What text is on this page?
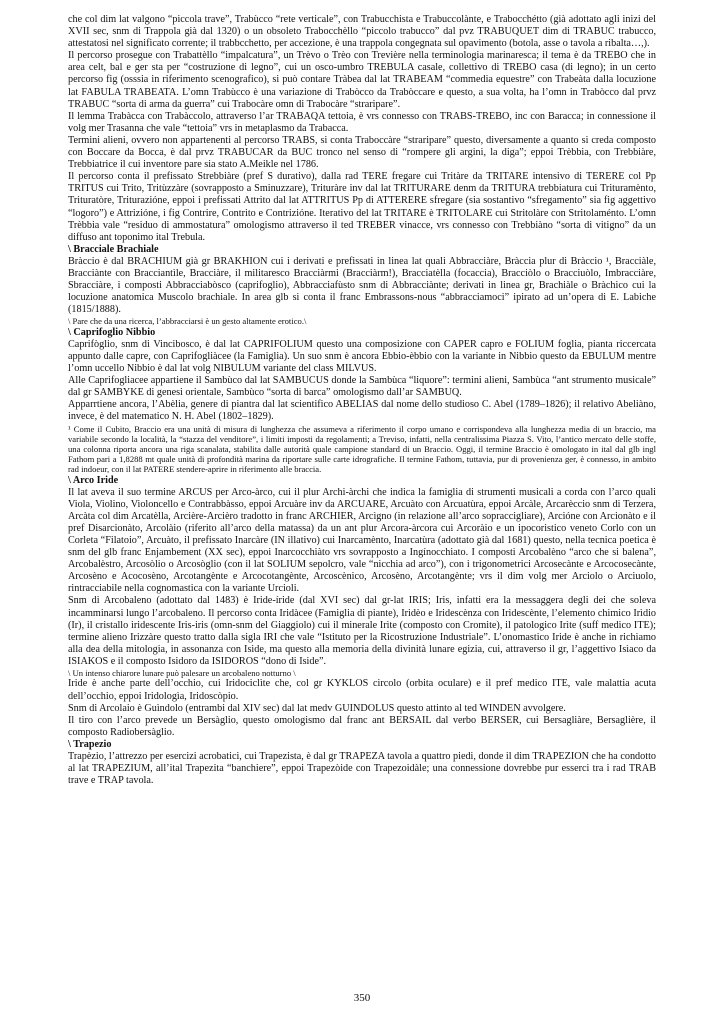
che col dim lat valgono “piccola trave”, Trabùcco “rete verticale”, con Trabucchista e Trabuccolànte, e Trabocchétto (già adottato agli inizi del XVII sec, snm di Trappola già dal 1320) o un obsoleto Trabocchèllo “piccolo trabucco” dal pvz TRABUQUET dim di TRABUC trabucco, attestatosi nel significato corrente; il trabbcchetto, per accezione, è una trappola congegnata sul opavimento (botola, asse o tavola a ribalta…,).

Il percorso prosegue con Trabattèllo “impalcatura”, un Trèvo o Trèo con Trevière nella terminologia marinaresca; il tema è da TREBO che in area celt, bal e ger sta per “costruzione di legno”, cui un osco-umbro TREBULA casale, collettivo di TREBO casa (di legno); in un certo percorso fig (osssia in riferimento scenografico), si può contare Tràbea dal lat TRABEAM “commedia equestre” con Trabeàta dalla locuzione lat FABULA TRABEATA. L’omn Trabùcco è una variazione di Trabòcco da Trabòccare e questo, a sua volta, ha l’omn in Trabòcco dal prvz TRABUC “sorta di arma da guerra” cui Trabocàre omn di Trabocàre “straripare”.

Il lemma Trabàcca con Trabàccolo, attraverso l’ar TRABAQA tettoia, è vrs connesso con TRABS-TREBO, inc con Baracca; in connessione il volg mer Trasanna che vale “tettoia” vrs in metaplasmo da Trabacca.

Termini alieni, ovvero non appartenenti al percorso TRABS, si conta Traboccàre “straripare” questo, diversamente a quanto si creda composto con Boccare da Bocca, è dal prvz TRABUCAR da BUC tronco nel senso di “rompere gli argini, la diga”; eppoi Trèbbia, con Trebbiàre, Trebbiatrice il cui inventore pare sia stato A.Meikle nel 1786.

Il percorso conta il prefissato Strebbiàre (pref S durativo), dalla rad TERE fregare cui Tritàre da TRITARE intensivo di TERERE col Pp TRITUS cui Trito, Tritùzzàre (sovrapposto a Sminuzzare), Trituràre inv dal lat TRITURARE denm da TRITURA trebbiatura cui Trituramènto, Trituratòre, Triturazióne, eppoi i prefissati Attrito dal lat ATTRITUS Pp di ATTERERE sfregare (sia sostantivo “sfregamento” sia fig aggettivo “logoro”) e Attrizióne, i fig Contrire, Contrito e Contrizióne. Iterativo del lat TRITARE è TRITOLARE cui Stritolàre con Stritolaménto. L’omn Trèbbia vale “residuo di ammostatura” omologismo attraverso il ted TREBER vinacce, vrs connesso con Trebbiàno “sorta di vitigno” da un diffuso ant toponimo ital Trebula.

\ Bracciale Brachiale

Bràccio è dal BRACHIUM già gr BRAKHION cui i derivati e prefissati in linea lat quali Abbracciàre, Bràccia plur di Bràccio ¹, Bracciàle, Bracciànte con Bracciantìle, Bracciàre, il militaresco Bracciàrmi (Bracciàrm!), Bracciatèlla (focaccia), Bracciòlo o Bracciuòlo, Imbracciàre, Sbracciàre, i composti Abbracciabòsco (caprifoglio), Abbracciafùsto snm di Abbracciànte; derivati in linea gr, Brachiàle o Bràchico cui la locuzione anatomica Muscolo brachiale. In area glb si conta il franc Embrassons-nous “abbracciamoci” ipirato ad un’opera di E. Labiche (1815/1888).

\ Pare che da una ricerca, l’abbracciarsi è un gesto altamente erotico.\

\ Caprifoglio Nibbio

Caprifòglio, snm di Vincibosco, è dal lat CAPRIFOLIUM questo una composizione con CAPER capro e FOLIUM foglia, pianta riccercata appunto dalle capre, con Caprifogliàcee (la Famiglia). Un suo snm è ancora Ebbio-èbbio con la variante in Nibbio questo da EBULUM mentre l’omn uccello Nibbio è dal lat volg NIBULUM variante del class MILVUS.

Alle Caprifogliacee appartiene il Sambùco dal lat SAMBUCUS donde la Sambùca “liquore”: termini alieni, Sambùca “ant strumento musicale” dal gr SAMBYKE di genesi orientale, Sambùco “sorta di barca” omologismo dall’ar SAMBUQ.

Apparrtiene ancora, l’Abèlia, genere di piantra dal lat scientifico ABELIAS dal nome dello studioso C. Abel (1789–1826); il relativo Abeliàno, invece, è del matematico N. H. Abel (1802–1829).

¹ Come il Cubito, Braccio era una unità di misura di lunghezza che assumeva a riferimento il corpo umano e corrispondeva alla lunghezza media di un braccio, ma variabile secondo la località, la “stazza del venditore”, i limiti imposti da regolamenti; a Treviso, infatti, nella centralissima Piazza S. Vito, l’antico mercato delle stoffe, una colonna riporta ancora una riga scanalata, stabilita dalle autorità quale campione standard di un Braccio. Oggi, il termine Braccio è omologato in ital dal glb ingl Fathom pari a 1,8288 mt quale unità di profondità marina da riportare sulle carte idrografiche. Il termine Fathom, tuttavia, pur di provenienza ger, è connesso, in ambito rad indoeur, con il lat PATERE stendere-aprire in riferimento alle braccia.

\ Arco Iride

Il lat aveva il suo termine ARCUS per Arco-àrco, cui il plur Archi-àrchi che indica la famiglia di strumenti musicali a corda con l’arco quali Viola, Violino, Violoncello e Contrabbàsso, eppoi Arcuàre inv da ARCUARE, Arcuàto con Arcuatùra, eppoi Arcàle, Arcarèccio snm di Terzera, Arcàta col dim Arcatèlla, Arcière-Arcièro tradotto in franc ARCHIER, Arcìgno (in relazione all’arco sopraccigliare), Arcióne con Arcionàto e il pref Disarcionàto, Arcolàio (riferito all’arco della matassa) da un ant plur Arcora-àrcora cui Arcoràio e un ipocoristico veneto Corlo con un Corleta “Filatoio”, Arcuàto, il prefissato Inarcàre (IN illativo) cui Inarcamènto, Inarcatùra (adottato già dal 1681) questo, nella tecnica poetica è snm del glb franc Enjambement (XX sec), eppoi Inarcocchiàto vrs sovrapposto a Ingínocchiato. I composti Arcobalèno “arco che si balena”, Arcobalèstro, Arcosòlio o Arcosòglio (con il lat SOLIUM sepolcro, vale “nicchia ad arco”), con i trigonometrici Arcosecànte e Arcocosecànte, Arcosèno e Acocosèno, Arcotangènte e Arcocotangènte, Arcoscènico, Arcosèno, Arcotangènte; vrs il dim volg mer Arciolo o Arciuolo, rintracciabile nella cognomastica con la variante Urcioli.

Snm di Arcobaleno (adottato dal 1483) è Iride-íride (dal XVI sec) dal gr-lat IRIS; Iris, infatti era la messaggera degli dei che soleva incamminarsi lungo l’arcobaleno. Il percorso conta Iridàcee (Famiglia di piante), Iridèo e Iridescènza con Iridescènte, l’elemento chimico Irìdio (Ir), il cristallo iridescente Iris-iris (omn-snm del Giaggiolo) cui il minerale Irìte (composto con Cromite), il patologico Irìte (suff medico ITE); termine alieno Irizzàre questo tratto dalla sigla IRI che vale “Istituto per la Ricostruzione Industriale”. L’onomastico Iride è anche in richiamo alla dea della mitologia, in assonanza con Iside, ma questo alla memoria della divinità lunare egizia, cui, attraverso il gr, l’aggettivo Isìaco da ISIAKOS e il composto Isidoro da ISIDOROS “dono di Iside”.

\ Un intenso chiarore lunare può palesare un arcobaleno notturno \

Iride è anche parte dell’occhio, cui Iridociclìte che, col gr KYKLOS circolo (orbita oculare) e il pref medico ITE, vale malattia acuta dell’occhio, eppoi Iridologìa, Iridoscòpio.

Snm di Arcolaio è Guìndolo (entrambi dal XIV sec) dal lat medv GUINDOLUS questo attinto al ted WINDEN avvolgere.

Il tiro con l’arco prevede un Bersàglio, questo omologismo dal franc ant BERSAIL dal verbo BERSER, cui Bersagliàre, Bersaglière, il composto Radiobersàglio.

\ Trapezio

Trapèzio, l’attrezzo per esercizi acrobatici, cui Trapezista, è dal gr TRAPEZA tavola a quattro piedi, donde il dim TRAPEZION che ha condotto al lat TRAPEZIUM, all’ital Trapezita “banchiere”, eppoi Trapezòide con Trapezoidàle; una connessione dovrebbe pur esserci tra i rad TRAB trave e TRAP tavola.

350
